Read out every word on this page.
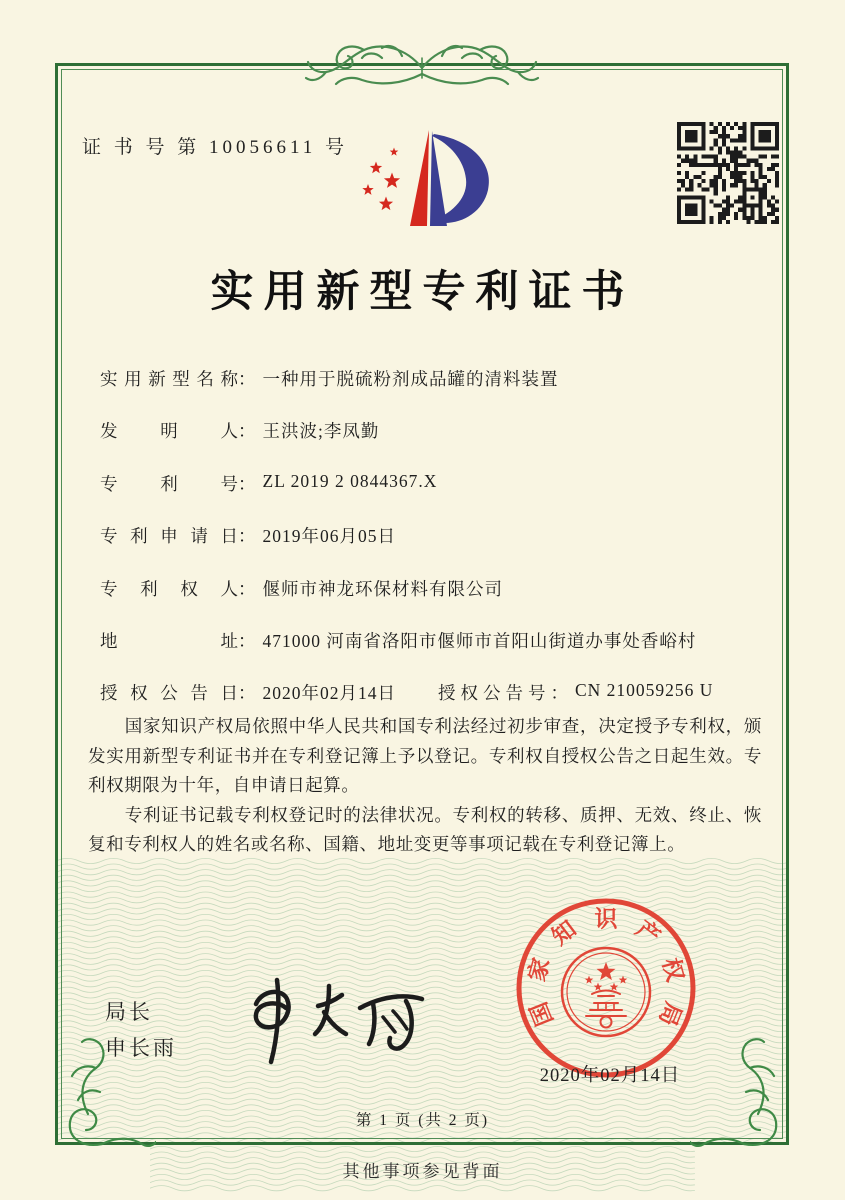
证 书 号 第 10056611 号
实用新型专利证书
实用新型名称： 一种用于脱硫粉剂成品罐的清料装置
发明人： 王洪波;李凤勤
专利号： ZL 2019 2 0844367.X
专利申请日： 2019年06月05日
专利权人： 偃师市神龙环保材料有限公司
地址： 471000 河南省洛阳市偃师市首阳山街道办事处香峪村
授权公告日： 2020年02月14日 授权公告号： CN 210059256 U

国家知识产权局依照中华人民共和国专利法经过初步审查，决定授予专利权，颁发实用新型专利证书并在专利登记簿上予以登记。专利权自授权公告之日起生效。专利权期限为十年，自申请日起算。

专利证书记载专利权登记时的法律状况。专利权的转移、质押、无效、终止、恢复和专利权人的姓名或名称、国籍、地址变更等事项记载在专利登记簿上。

局长
申长雨
国
家
知 识 产
权
局
2020年02月14日
第 1 页 (共 2 页)
其他事项参见背面
